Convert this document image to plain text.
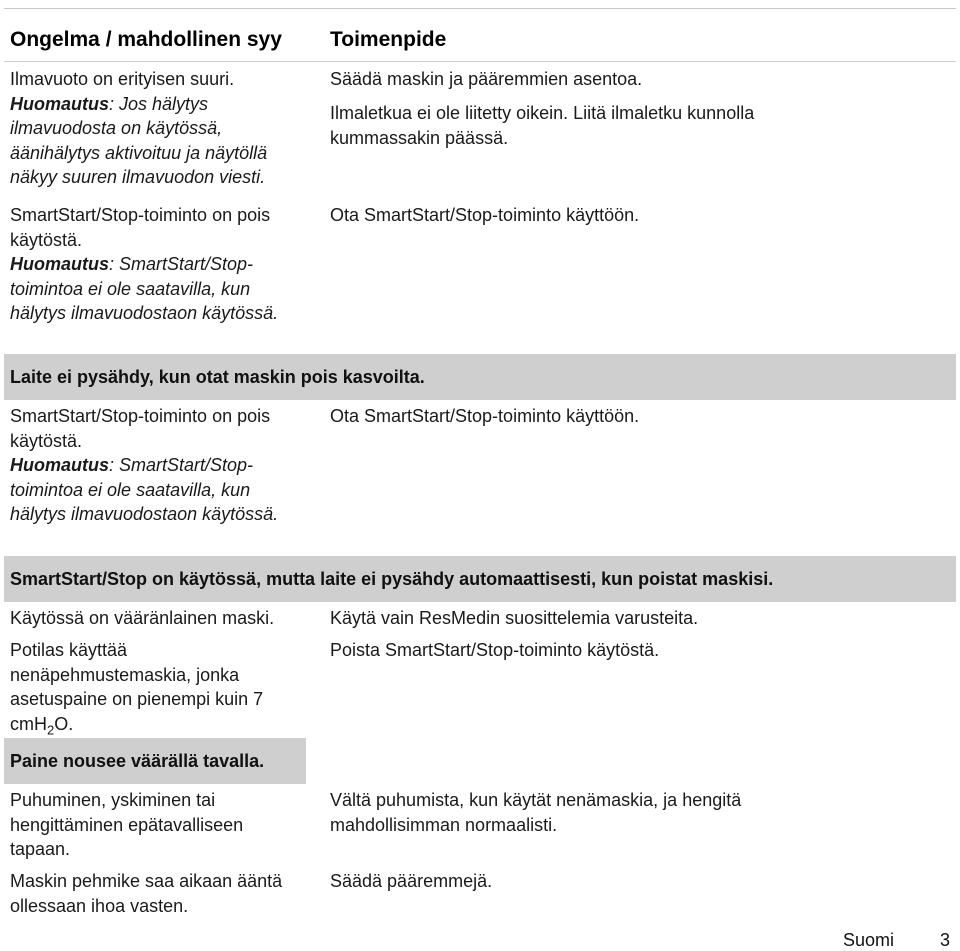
Ongelma / mahdollinen syy Toimenpide
Ilmavuoto on erityisen suuri.
Huomautus: Jos hälytys ilmavuodosta on käytössä, äänihälytys aktivoituu ja näytöllä näkyy suuren ilmavuodon viesti.
Säädä maskin ja pääremmien asentoa.
Ilmaletkua ei ole liitetty oikein. Liitä ilmaletku kunnolla kummassakin päässä.
SmartStart/Stop-toiminto on pois käytöstä.
Huomautus: SmartStart/Stop-toimintoa ei ole saatavilla, kun hälytys ilmavuodostaon käytössä.
Ota SmartStart/Stop-toiminto käyttöön.
Laite ei pysähdy, kun otat maskin pois kasvoilta.
SmartStart/Stop-toiminto on pois käytöstä.
Huomautus: SmartStart/Stop-toimintoa ei ole saatavilla, kun hälytys ilmavuodostaon käytössä.
Ota SmartStart/Stop-toiminto käyttöön.
SmartStart/Stop on käytössä, mutta laite ei pysähdy automaattisesti, kun poistat maskisi.
Käytössä on vääränlainen maski.	Käytä vain ResMedin suosittelemia varusteita.
Potilas käyttää nenäpehmustemaskia, jonka asetuspaine on pienempi kuin 7 cmH$_2$O.
Poista SmartStart/Stop-toiminto käytöstä.
Paine nousee väärällä tavalla.
Puhuminen, yskiminen tai hengittäminen epätavalliseen tapaan.
Vältä puhumista, kun käytät nenämaskia, ja hengitä mahdollisimman normaalisti.
Maskin pehmike saa aikaan ääntä ollessaan ihoa vasten.
Säädä pääremmejä.
Suomi	3
